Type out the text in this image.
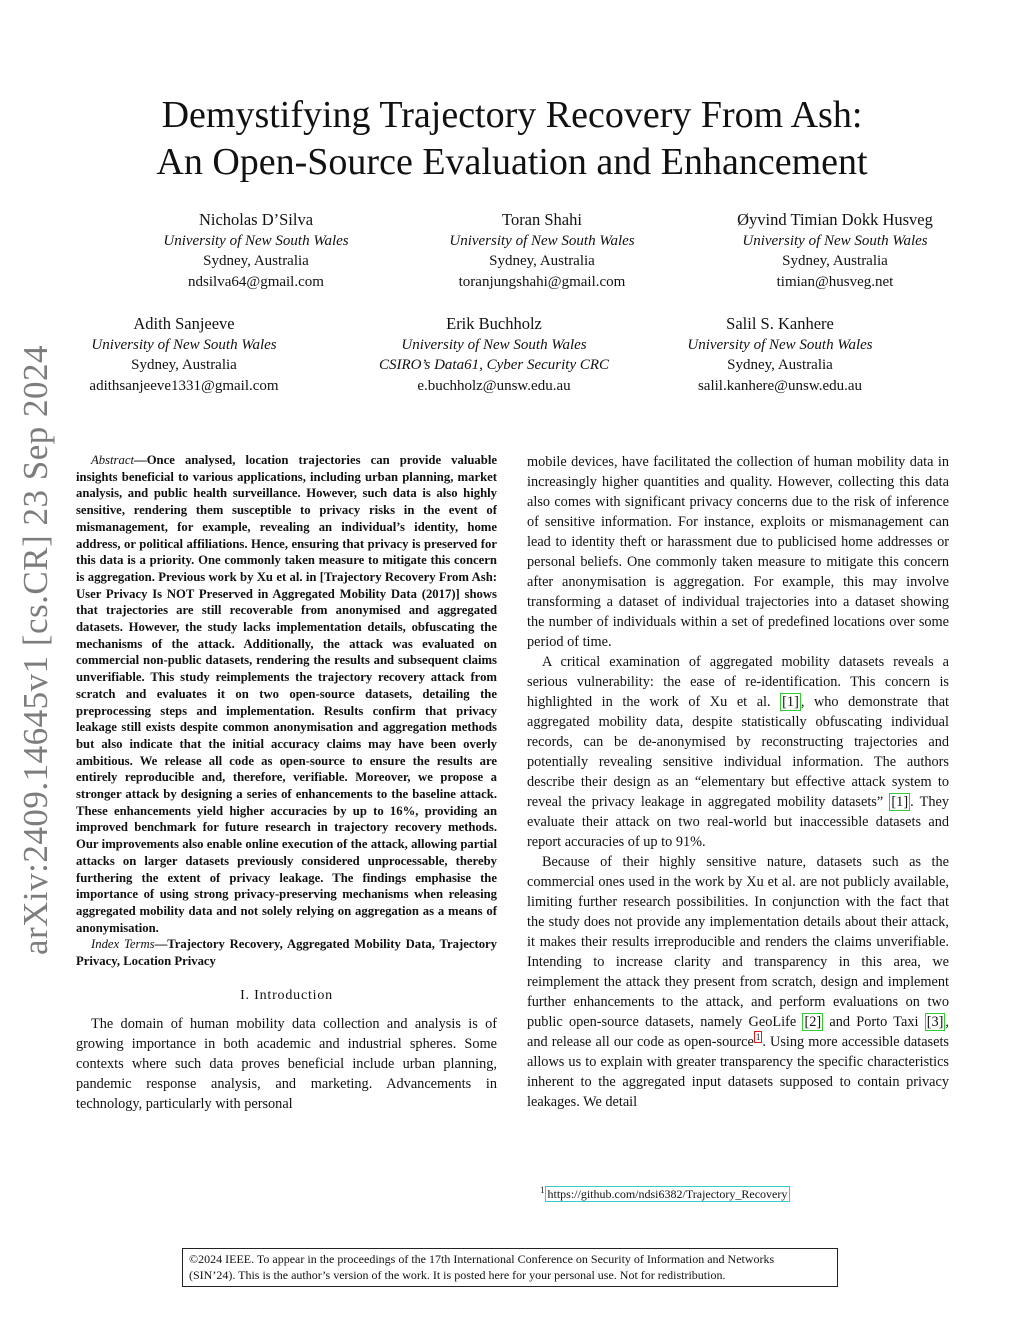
arXiv:2409.14645v1 [cs.CR] 23 Sep 2024
Demystifying Trajectory Recovery From Ash:
An Open-Source Evaluation and Enhancement
Nicholas D’Silva
University of New South Wales
Sydney, Australia
ndsilva64@gmail.com
Toran Shahi
University of New South Wales
Sydney, Australia
toranjungshahi@gmail.com
Øyvind Timian Dokk Husveg
University of New South Wales
Sydney, Australia
timian@husveg.net
Adith Sanjeeve
University of New South Wales
Sydney, Australia
adithsanjeeve1331@gmail.com
Erik Buchholz
University of New South Wales
CSIRO’s Data61, Cyber Security CRC
e.buchholz@unsw.edu.au
Salil S. Kanhere
University of New South Wales
Sydney, Australia
salil.kanhere@unsw.edu.au

Abstract—Once analysed, location trajectories can provide valuable insights beneficial to various applications, including urban planning, market analysis, and public health surveillance. However, such data is also highly sensitive, rendering them susceptible to privacy risks in the event of mismanagement, for example, revealing an individual’s identity, home address, or political affiliations. Hence, ensuring that privacy is preserved for this data is a priority. One commonly taken measure to mitigate this concern is aggregation. Previous work by Xu et al. in [Trajectory Recovery From Ash: User Privacy Is NOT Preserved in Aggregated Mobility Data (2017)] shows that trajectories are still recoverable from anonymised and aggregated datasets. However, the study lacks implementation details, obfuscating the mechanisms of the attack. Additionally, the attack was evaluated on commercial non-public datasets, rendering the results and subsequent claims unverifiable. This study reimplements the trajectory recovery attack from scratch and evaluates it on two open-source datasets, detailing the preprocessing steps and implementation. Results confirm that privacy leakage still exists despite common anonymisation and aggregation methods but also indicate that the initial accuracy claims may have been overly ambitious. We release all code as open-source to ensure the results are entirely reproducible and, therefore, verifiable. Moreover, we propose a stronger attack by designing a series of enhancements to the baseline attack. These enhancements yield higher accuracies by up to 16%, providing an improved benchmark for future research in trajectory recovery methods. Our improvements also enable online execution of the attack, allowing partial attacks on larger datasets previously considered unprocessable, thereby furthering the extent of privacy leakage. The findings emphasise the importance of using strong privacy-preserving mechanisms when releasing aggregated mobility data and not solely relying on aggregation as a means of anonymisation.

Index Terms—Trajectory Recovery, Aggregated Mobility Data, Trajectory Privacy, Location Privacy

I. Introduction

The domain of human mobility data collection and analysis is of growing importance in both academic and industrial spheres. Some contexts where such data proves beneficial include urban planning, pandemic response analysis, and marketing. Advancements in technology, particularly with personal

mobile devices, have facilitated the collection of human mobility data in increasingly higher quantities and quality. However, collecting this data also comes with significant privacy concerns due to the risk of inference of sensitive information. For instance, exploits or mismanagement can lead to identity theft or harassment due to publicised home addresses or personal beliefs. One commonly taken measure to mitigate this concern after anonymisation is aggregation. For example, this may involve transforming a dataset of individual trajectories into a dataset showing the number of individuals within a set of predefined locations over some period of time.

A critical examination of aggregated mobility datasets reveals a serious vulnerability: the ease of re-identification. This concern is highlighted in the work of Xu et al. [1] , who demonstrate that aggregated mobility data, despite statistically obfuscating individual records, can be de-anonymised by reconstructing trajectories and potentially revealing sensitive individual information. The authors describe their design as an “elementary but effective attack system to reveal the privacy leakage in aggregated mobility datasets” [1] . They evaluate their attack on two real-world but inaccessible datasets and report accuracies of up to 91%.

Because of their highly sensitive nature, datasets such as the commercial ones used in the work by Xu et al. are not publicly available, limiting further research possibilities. In conjunction with the fact that the study does not provide any implementation details about their attack, it makes their results irreproducible and renders the claims unverifiable. Intending to increase clarity and transparency in this area, we reimplement the attack they present from scratch, design and implement further enhancements to the attack, and perform evaluations on two public open-source datasets, namely GeoLife [2] and Porto Taxi [3] , and release all our code as open-source $^1$ . Using more accessible datasets allows us to explain with greater transparency the specific characteristics inherent to the aggregated input datasets supposed to contain privacy leakages. We detail

$^1$ https://github.com/ndsi6382/Trajectory_Recovery
©2024 IEEE. To appear in the proceedings of the 17th International Conference on Security of Information and Networks
(SIN’24). This is the author’s version of the work. It is posted here for your personal use. Not for redistribution.
